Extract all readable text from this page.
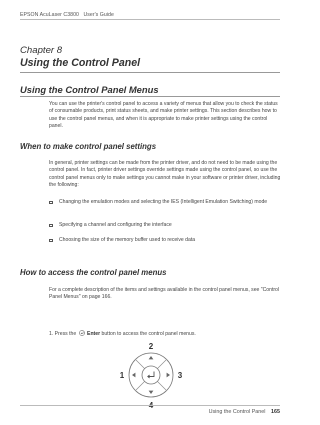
EPSON AcuLaser C3800 User's Guide
Chapter 8
Using the Control Panel
Using the Control Panel Menus
You can use the printer's control panel to access a variety of menus that allow you to check the status of consumable products, print status sheets, and make printer settings. This section describes how to use the control panel menus, and when it is appropriate to make printer settings using the control panel.
When to make control panel settings
In general, printer settings can be made from the printer driver, and do not need to be made using the control panel. In fact, printer driver settings override settings made using the control panel, so use the control panel menus only to make settings you cannot make in your software or printer driver, including the following:
Changing the emulation modes and selecting the IES (Intelligent Emulation Switching) mode
Specifying a channel and configuring the interface
Choosing the size of the memory buffer used to receive data
How to access the control panel menus
For a complete description of the items and settings available in the control panel menus, see "Control Panel Menus" on page 166.
1. Press the Enter button to access the control panel menus.
2
1	3
4
Using the Control Panel 165
